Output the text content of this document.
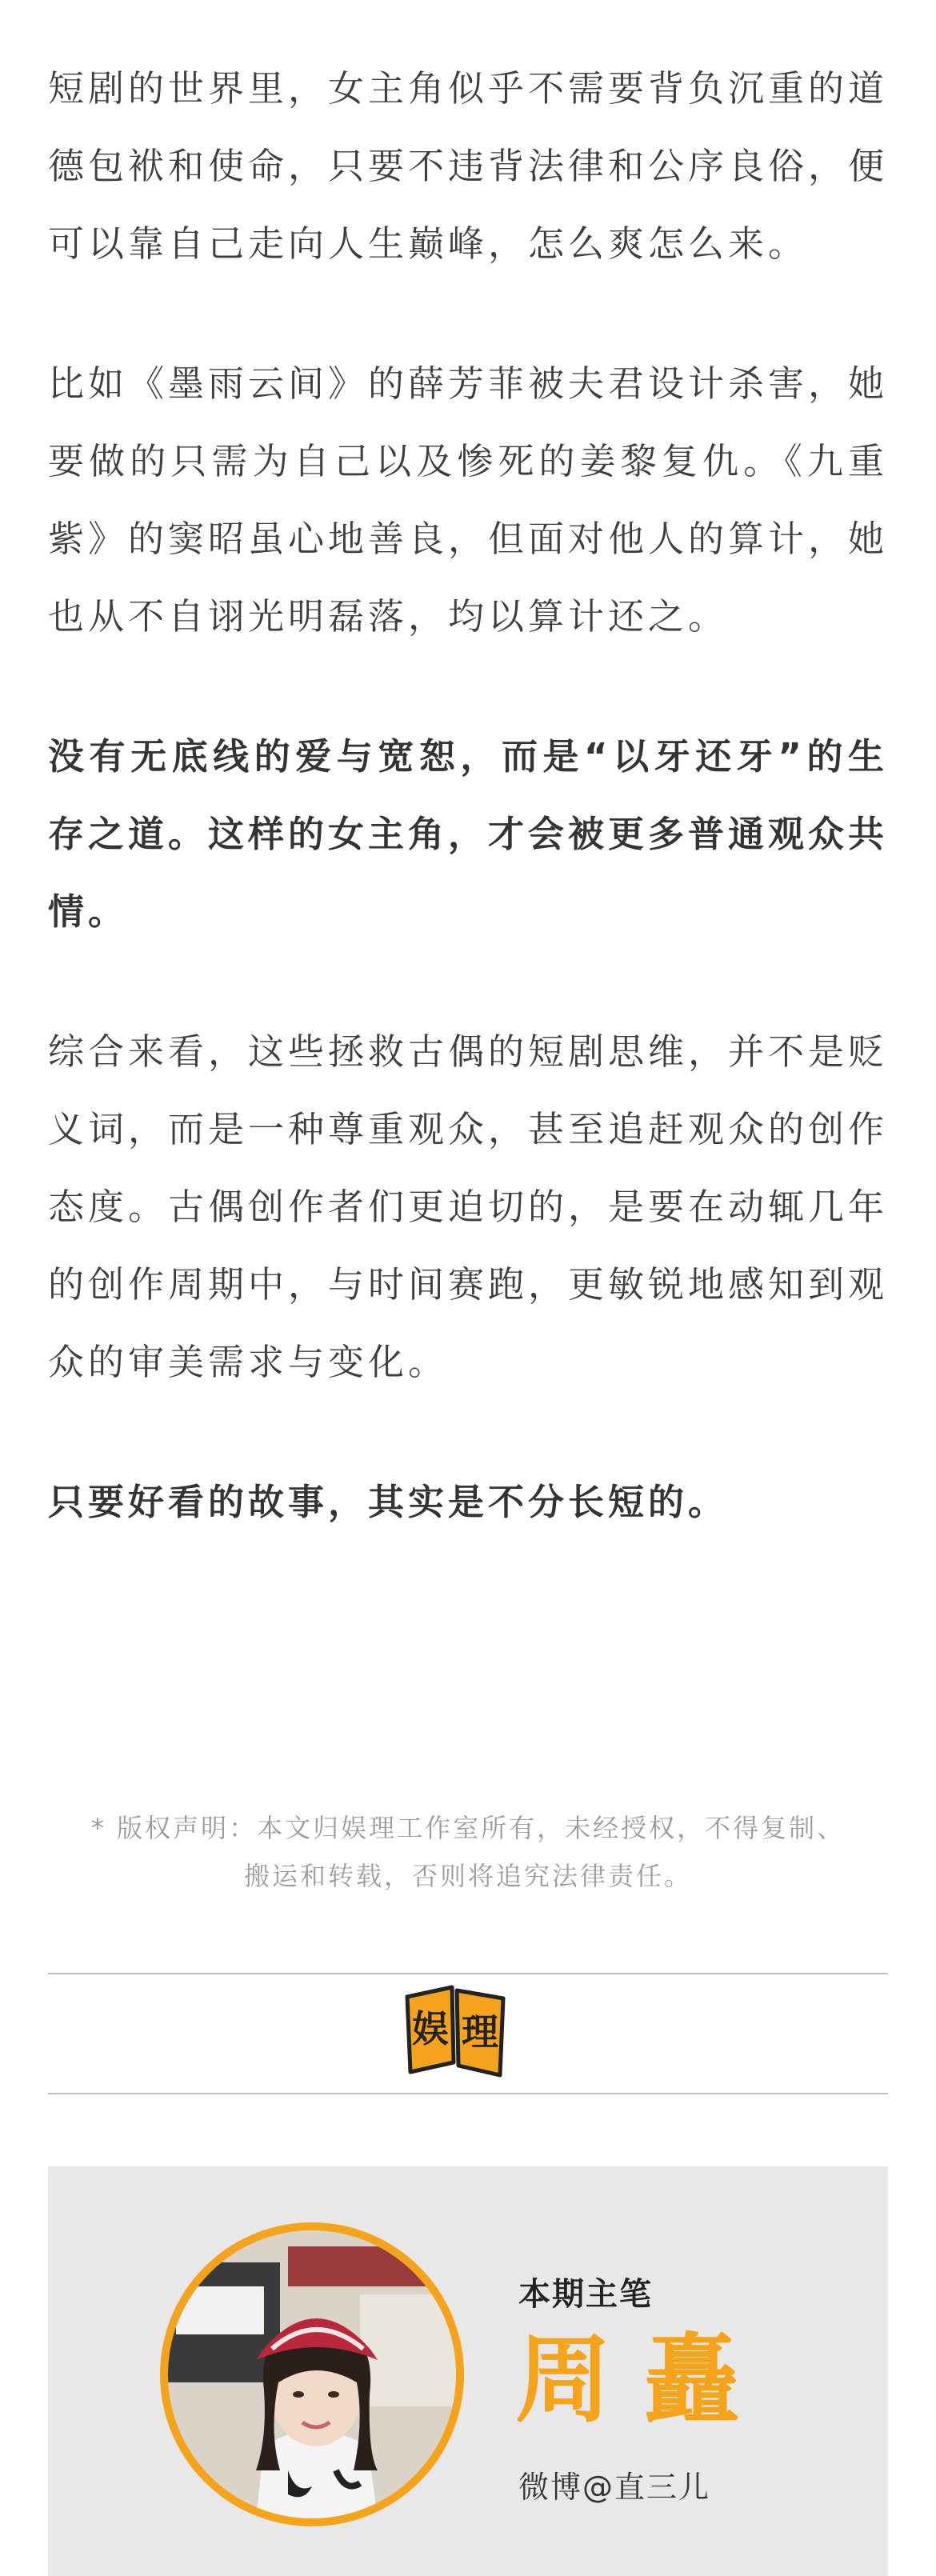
短剧的世界里，女主角似乎不需要背负沉重的道德包袱和使命，只要不违背法律和公序良俗，便可以靠自己走向人生巅峰，怎么爽怎么来。

比如《墨雨云间》的薛芳菲被夫君设计杀害，她要做的只需为自己以及惨死的姜黎复仇。《九重紫》的窦昭虽心地善良，但面对他人的算计，她也从不自诩光明磊落，均以算计还之。

没有无底线的爱与宽恕，而是“以牙还牙”的生存之道。这样的女主角，才会被更多普通观众共情。

综合来看，这些拯救古偶的短剧思维，并不是贬义词，而是一种尊重观众，甚至追赶观众的创作态度。古偶创作者们更迫切的，是要在动辄几年的创作周期中，与时间赛跑，更敏锐地感知到观众的审美需求与变化。

只要好看的故事，其实是不分长短的。

* 版权声明：本文归娱理工作室所有，未经授权，不得复制、
搬运和转载，否则将追究法律责任。

娱 理
本期主笔
周矗
微博@直三儿
